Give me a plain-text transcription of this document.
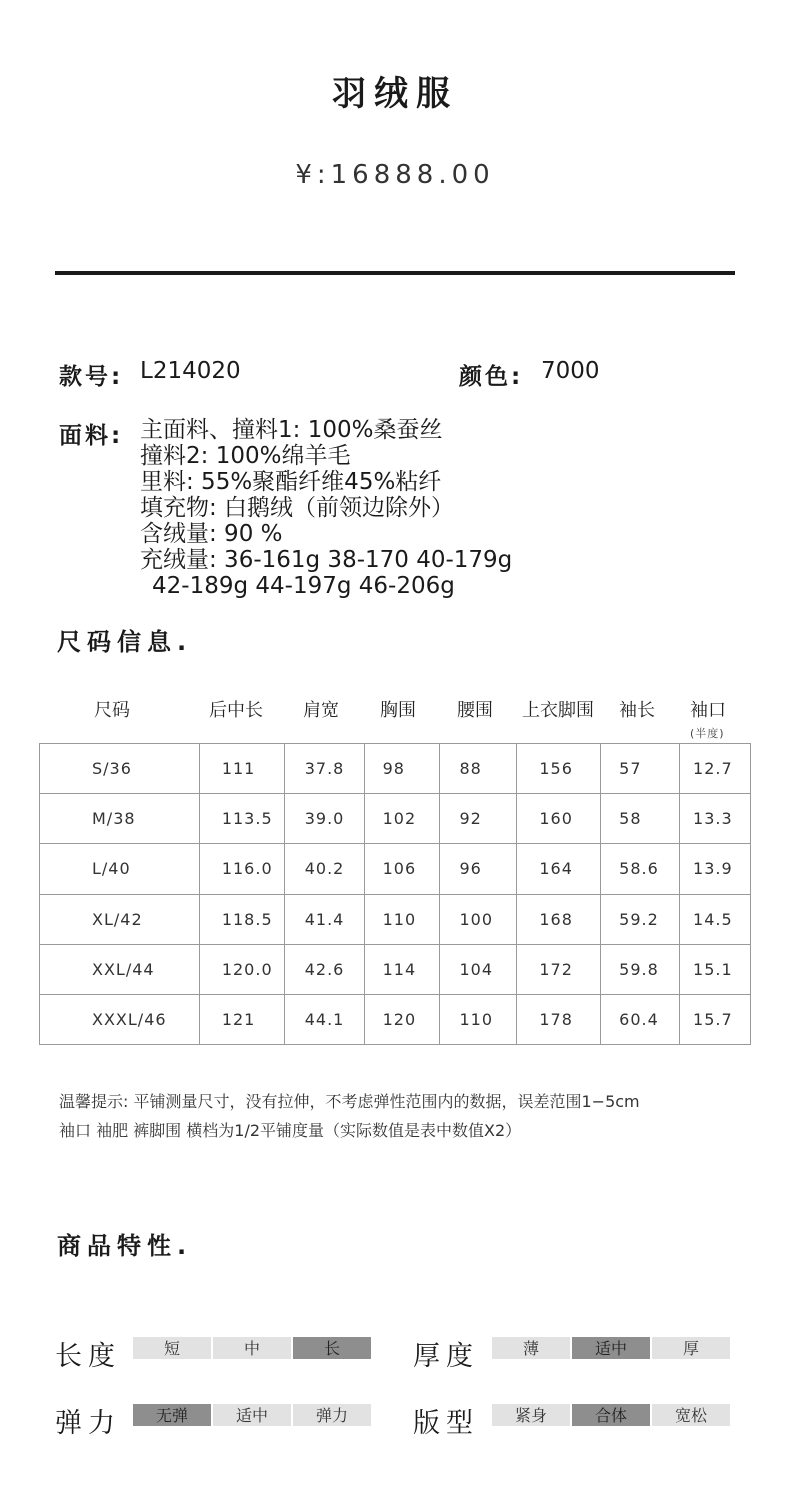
羽绒服
¥:16888.00
款号: L214020	颜色: 7000
面料: 主面料、撞料1: 100%桑蚕丝
撞料2: 100%绵羊毛
里料: 55%聚酯纤维45%粘纤
填充物: 白鹅绒（前领边除外）
含绒量: 90 %
充绒量: 36-161g 38-170 40-179g
42-189g 44-197g 46-206g
尺码信息.
尺码	后中长 肩宽 胸围 腰围 上衣脚围 袖长 袖口
(半度)
S/36	111	37.8	98	88	156	57	12.7
M/38	113.5	39.0	102	92	160	58	13.3
L/40	116.0	40.2	106	96	164	58.6	13.9
XL/42	118.5	41.4	110	100	168	59.2	14.5
XXL/44	120.0	42.6	114	104	172	59.8	15.1
XXXL/46	121	44.1	120	110	178	60.4	15.7
温馨提示: 平铺测量尺寸，没有拉伸，不考虑弹性范围内的数据，误差范围1−5cm
袖口 袖肥 裤脚围 横档为1/2平铺度量（实际数值是表中数值X2）
商品特性.
长度	短	中	长	厚度	薄	适中	厚
弹力	无弹	适中	弹力	版型	紧身	合体	宽松
